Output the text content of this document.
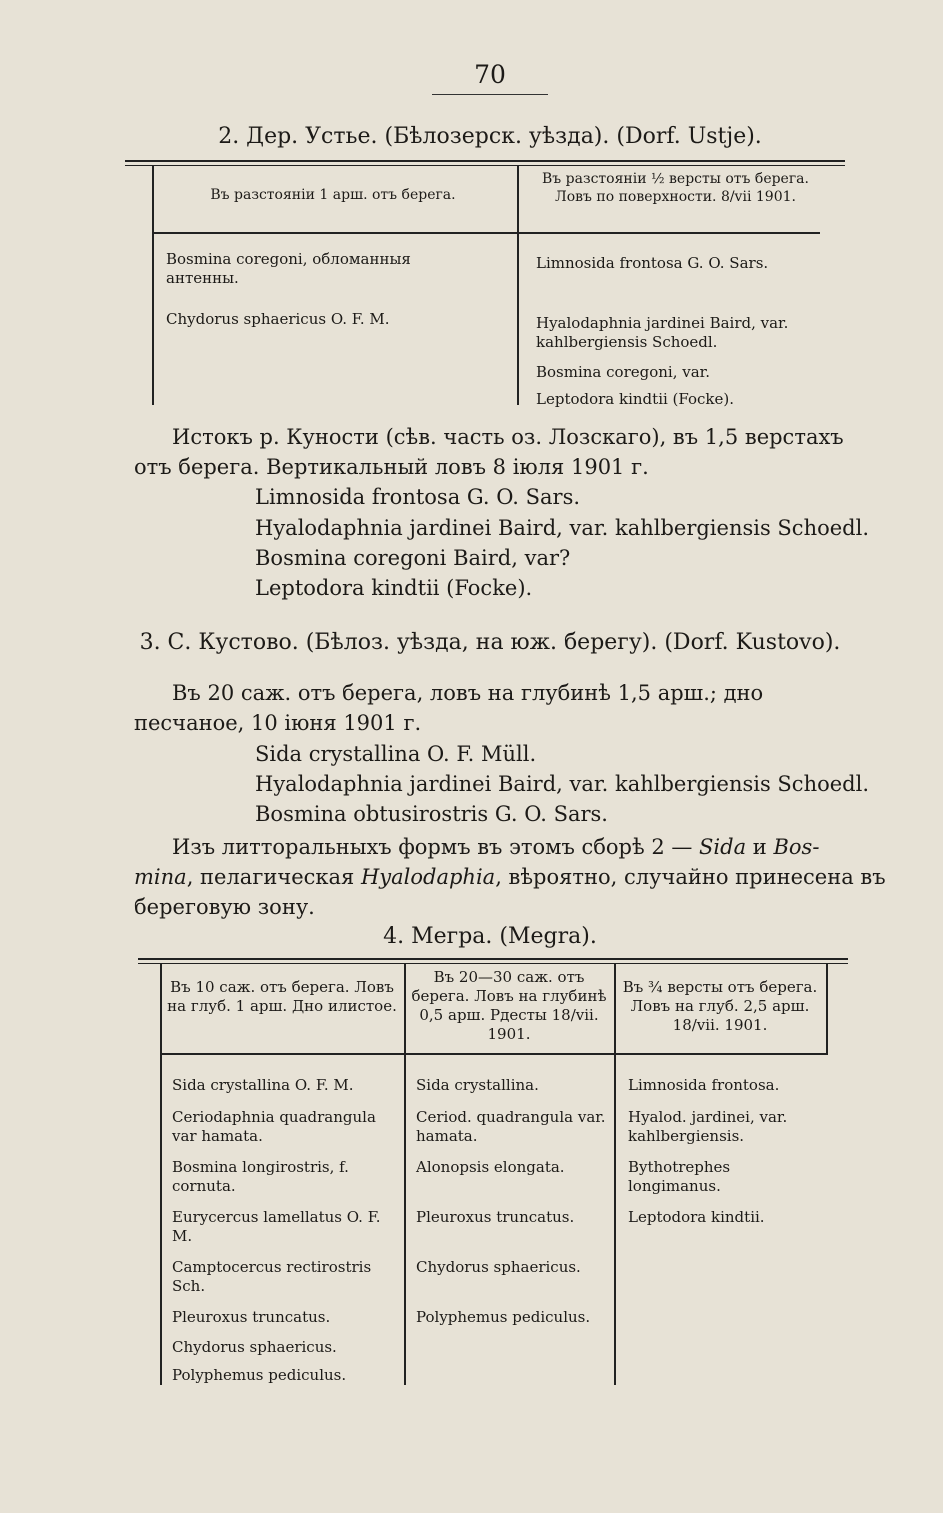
70
2. Дер. Устье. (Бѣлозерск. уѣзда). (Dorf. Ustje).
Въ разстояніи 1 арш. отъ берега.
Въ разстояніи ½ версты отъ берега. Ловъ по поверхности. 8/vii 1901.
Bosmina coregoni, обломанныя антенны.
Chydorus sphaericus O. F. M.
Limnosida frontosa G. O. Sars.
Hyalodaphnia jardinei Baird, var. kahlbergiensis Schoedl.
Bosmina coregoni, var.
Leptodora kindtii (Focke).
Истокъ р. Куности (сѣв. часть оз. Лозскаго), въ 1,5 верстахъ
отъ берега. Вертикальный ловъ 8 іюля 1901 г.
Limnosida frontosa G. O. Sars.
Hyalodaphnia jardinei Baird, var. kahlbergiensis Schoedl.
Bosmina coregoni Baird, var?
Leptodora kindtii (Focke).
3. С. Кустово. (Бѣлоз. уѣзда, на юж. берегу). (Dorf. Kustovo).
Въ 20 саж. отъ берега, ловъ на глубинѣ 1,5 арш.; дно
песчаное, 10 іюня 1901 г.
Sida crystallina O. F. Müll.
Hyalodaphnia jardinei Baird, var. kahlbergiensis Schoedl.
Bosmina obtusirostris G. O. Sars.
Изъ литторальныхъ формъ въ этомъ сборѣ 2 — Sida и Bos-
mina, пелагическая Hyalodaphia, вѣроятно, случайно принесена въ
береговую зону.
4. Мегра. (Megra).
Въ 10 саж. отъ берега. Ловъ на глуб. 1 арш. Дно илистое.
Въ 20—30 саж. отъ берега. Ловъ на глубинѣ 0,5 арш. Рдесты 18/vii. 1901.
Въ ¾ версты отъ берега. Ловъ на глуб. 2,5 арш. 18/vii. 1901.
Sida crystallina O. F. M.
Ceriodaphnia quadrangula var hamata.
Bosmina longirostris, f. cornuta.
Eurycercus lamellatus O. F. M.
Camptocercus rectirostris Sch.
Pleuroxus truncatus.
Chydorus sphaericus.
Polyphemus pediculus.
Sida crystallina.
Ceriod. quadrangula var. hamata.
Alonopsis elongata.
Pleuroxus truncatus.
Chydorus sphaericus.
Polyphemus pediculus.
Limnosida frontosa.
Hyalod. jardinei, var. kahlbergiensis.
Bythotrephes longimanus.
Leptodora kindtii.
